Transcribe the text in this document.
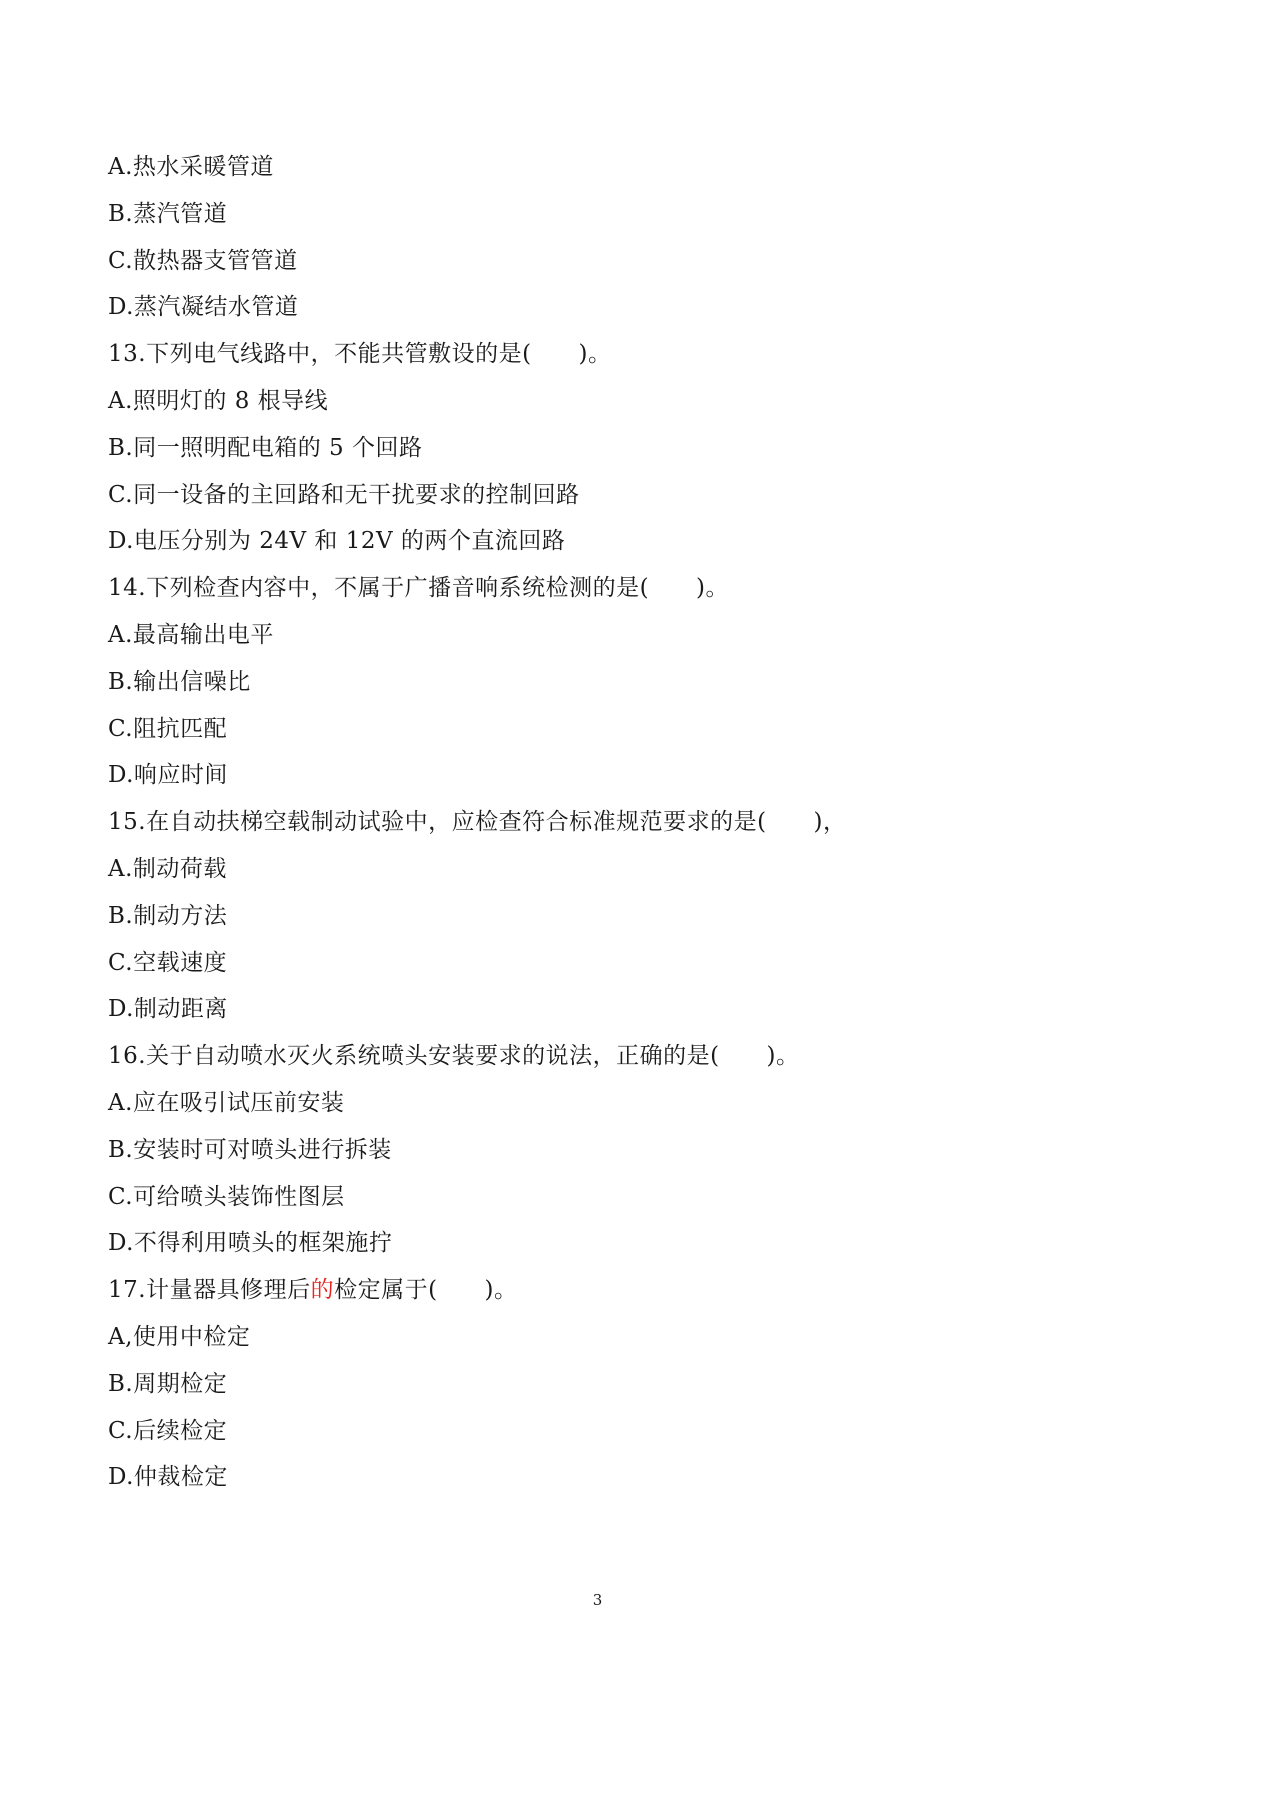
A.热水采暖管道
B.蒸汽管道
C.散热器支管管道
D.蒸汽凝结水管道
13.下列电气线路中，不能共管敷设的是(　　)。
A.照明灯的 8 根导线
B.同一照明配电箱的 5 个回路
C.同一设备的主回路和无干扰要求的控制回路
D.电压分别为 24V 和 12V 的两个直流回路
14.下列检查内容中，不属于广播音响系统检测的是(　　)。
A.最高输出电平
B.输出信噪比
C.阻抗匹配
D.响应时间
15.在自动扶梯空载制动试验中，应检查符合标准规范要求的是(　　)，
A.制动荷载
B.制动方法
C.空载速度
D.制动距离
16.关于自动喷水灭火系统喷头安装要求的说法，正确的是(　　)。
A.应在吸引试压前安装
B.安装时可对喷头进行拆装
C.可给喷头装饰性图层
D.不得利用喷头的框架施拧
17.计量器具修理后的检定属于(　　)。
A,使用中检定
B.周期检定
C.后续检定
D.仲裁检定
3
